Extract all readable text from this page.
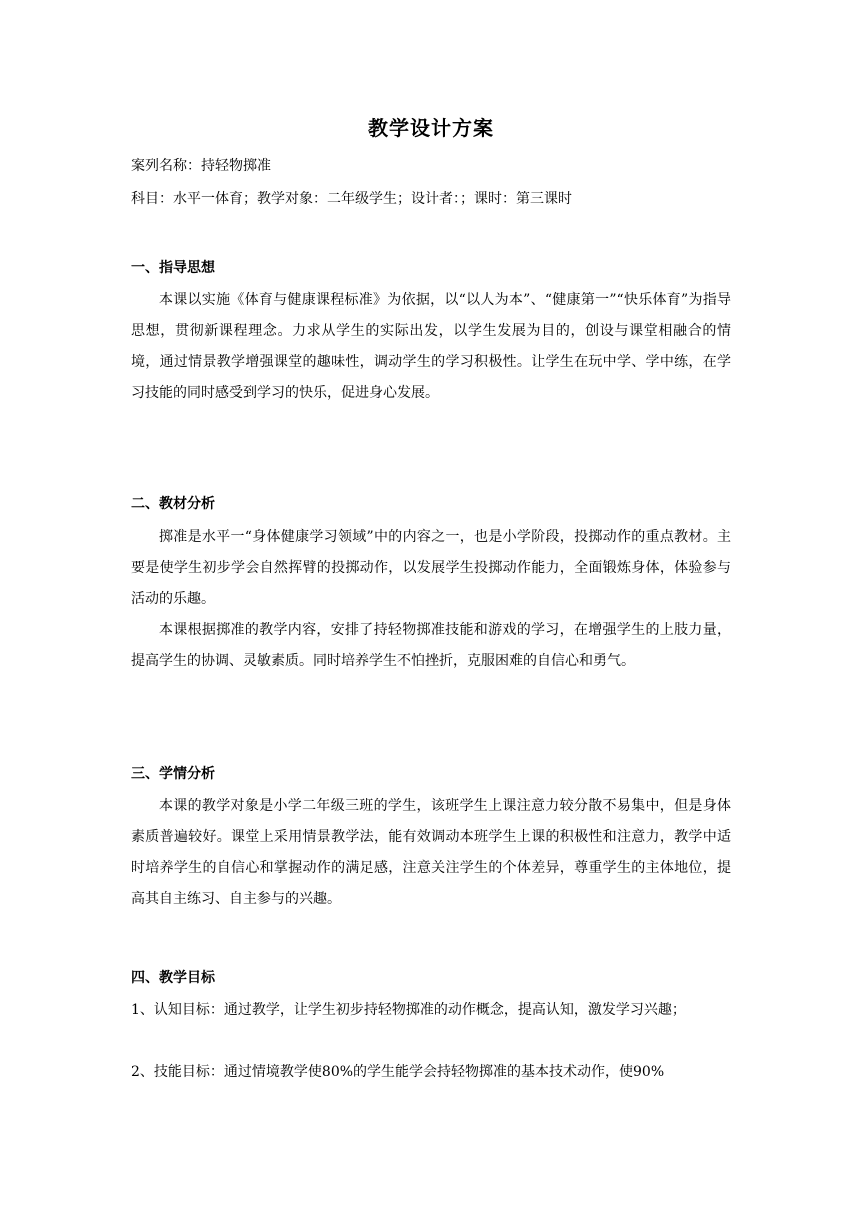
教学设计方案
案列名称：持轻物掷准
科目：水平一体育；教学对象：二年级学生；设计者：；课时：第三课时
一、指导思想

本课以实施《体育与健康课程标准》为依据，以“以人为本”、“健康第一”“快乐体育”为指导思想，贯彻新课程理念。力求从学生的实际出发，以学生发展为目的，创设与课堂相融合的情境，通过情景教学增强课堂的趣味性，调动学生的学习积极性。让学生在玩中学、学中练，在学习技能的同时感受到学习的快乐，促进身心发展。

二、教材分析

掷准是水平一“身体健康学习领域”中的内容之一，也是小学阶段，投掷动作的重点教材。主要是使学生初步学会自然挥臂的投掷动作，以发展学生投掷动作能力，全面锻炼身体，体验参与活动的乐趣。

本课根据掷准的教学内容，安排了持轻物掷准技能和游戏的学习，在增强学生的上肢力量，提高学生的协调、灵敏素质。同时培养学生不怕挫折，克服困难的自信心和勇气。

三、学情分析

本课的教学对象是小学二年级三班的学生，该班学生上课注意力较分散不易集中，但是身体素质普遍较好。课堂上采用情景教学法，能有效调动本班学生上课的积极性和注意力，教学中适时培养学生的自信心和掌握动作的满足感，注意关注学生的个体差异，尊重学生的主体地位，提高其自主练习、自主参与的兴趣。

四、教学目标

1、认知目标：通过教学，让学生初步持轻物掷准的动作概念，提高认知，激发学习兴趣；

2、技能目标：通过情境教学使80%的学生能学会持轻物掷准的基本技术动作，使90%
